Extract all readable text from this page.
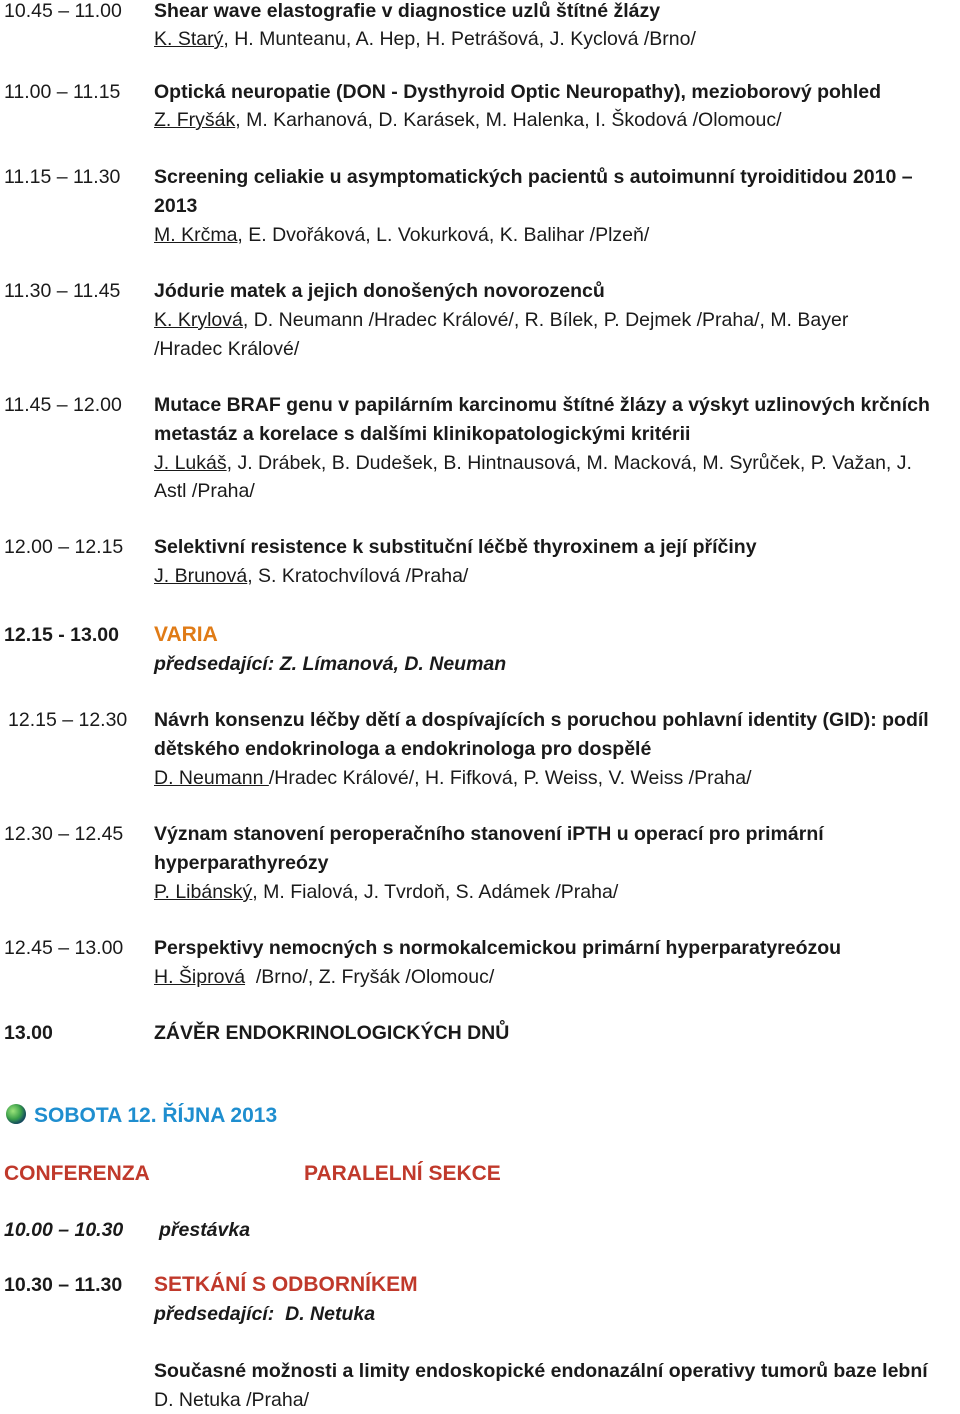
10.45 – 11.00 Shear wave elastografie v diagnostice uzlů štítné žlázy
K. Starý, H. Munteanu, A. Hep, H. Petrášová, J. Kyclová /Brno/
11.00 – 11.15 Optická neuropatie (DON - Dysthyroid Optic Neuropathy), mezioborový pohled
Z. Fryšák, M. Karhanová, D. Karásek, M. Halenka, I. Škodová /Olomouc/
11.15 – 11.30 Screening celiakie u asymptomatických pacientů s autoimunní tyroiditidou 2010 –
2013
M. Krčma, E. Dvořáková, L. Vokurková, K. Balihar /Plzeň/
11.30 – 11.45 Jódurie matek a jejich donošených novorozenců
K. Krylová, D. Neumann /Hradec Králové/, R. Bílek, P. Dejmek /Praha/, M. Bayer
/Hradec Králové/
11.45 – 12.00 Mutace BRAF genu v papilárním karcinomu štítné žlázy a výskyt uzlinových krčních
metastáz a korelace s dalšími klinikopatologickými kritérii
J. Lukáš, J. Drábek, B. Dudešek, B. Hintnausová, M. Macková, M. Syrůček, P. Važan, J.
Astl /Praha/
12.00 – 12.15 Selektivní resistence k substituční léčbě thyroxinem a její příčiny
J. Brunová, S. Kratochvílová /Praha/
12.15 - 13.00 VARIA
předsedající: Z. Límanová, D. Neuman
12.15 – 12.30 Návrh konsenzu léčby dětí a dospívajících s poruchou pohlavní identity (GID): podíl
dětského endokrinologa a endokrinologa pro dospělé
D. Neumann /Hradec Králové/, H. Fifková, P. Weiss, V. Weiss /Praha/
12.30 – 12.45 Význam stanovení peroperačního stanovení iPTH u operací pro primární
hyperparathyreózy
P. Libánský, M. Fialová, J. Tvrdoň, S. Adámek /Praha/
12.45 – 13.00 Perspektivy nemocných s normokalcemickou primární hyperparatyreózou
H. Šiprová  /Brno/, Z. Fryšák /Olomouc/
13.00	ZÁVĚR ENDOKRINOLOGICKÝCH DNŮ
SOBOTA 12. ŘÍJNA 2013
CONFERENZA	PARALELNÍ SEKCE
10.00 – 10.30 přestávka
10.30 – 11.30 SETKÁNÍ S ODBORNÍKEM
předsedající:  D. Netuka
Současné možnosti a limity endoskopické endonazální operativy tumorů baze lební
D. Netuka /Praha/
